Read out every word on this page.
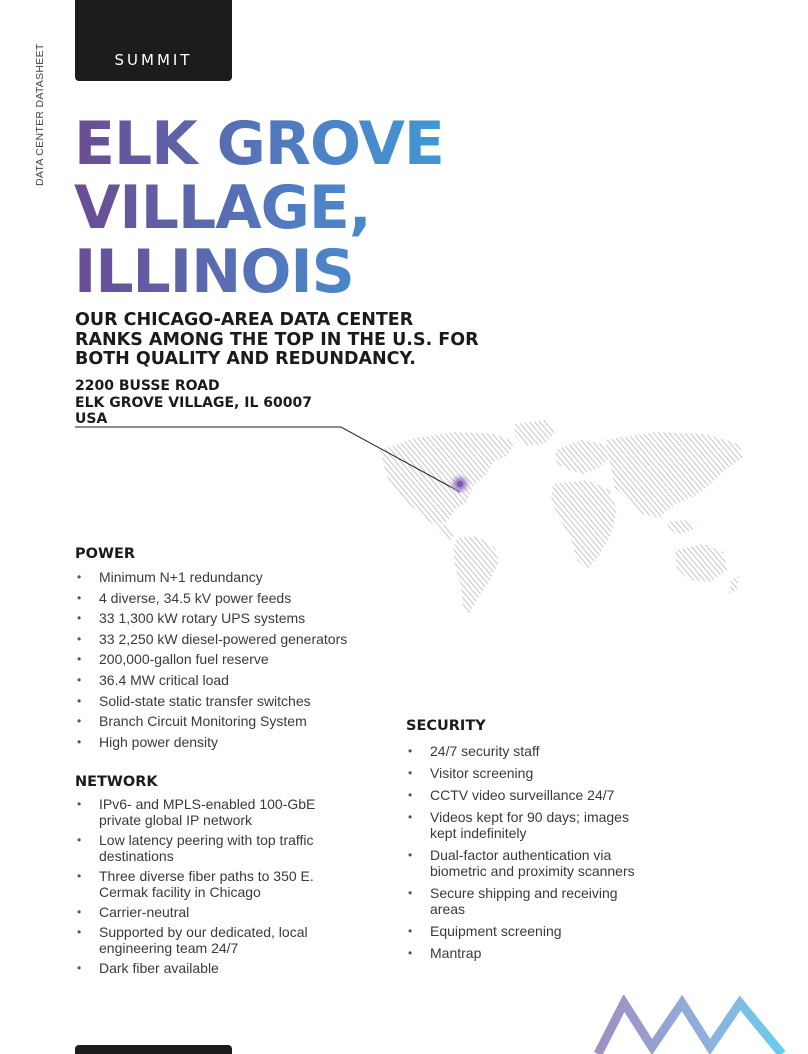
SUMMIT
DATA CENTER DATASHEET ELK GROVE
VILLAGE,
ILLINOIS
OUR CHICAGO-AREA DATA CENTER
RANKS AMONG THE TOP IN THE U.S. FOR
BOTH QUALITY AND REDUNDANCY.
2200 BUSSE ROAD
ELK GROVE VILLAGE, IL 60007
USA
POWER
• Minimum N+1 redundancy
• 4 diverse, 34.5 kV power feeds
• 33 1,300 kW rotary UPS systems
• 33 2,250 kW diesel-powered generators
• 200,000-gallon fuel reserve
• 36.4 MW critical load
• Solid-state static transfer switches
• Branch Circuit Monitoring System
• High power density
NETWORK
• IPv6- and MPLS-enabled 100-GbE
private global IP network
• Low latency peering with top traffic
destinations
• Three diverse fiber paths to 350 E.
Cermak facility in Chicago
• Carrier-neutral
• Supported by our dedicated, local
engineering team 24/7
• Dark fiber available
SECURITY
• 24/7 security staff
• Visitor screening
• CCTV video surveillance 24/7
• Videos kept for 90 days; images
kept indefinitely
• Dual-factor authentication via
biometric and proximity scanners
• Secure shipping and receiving
areas
• Equipment screening
• Mantrap
